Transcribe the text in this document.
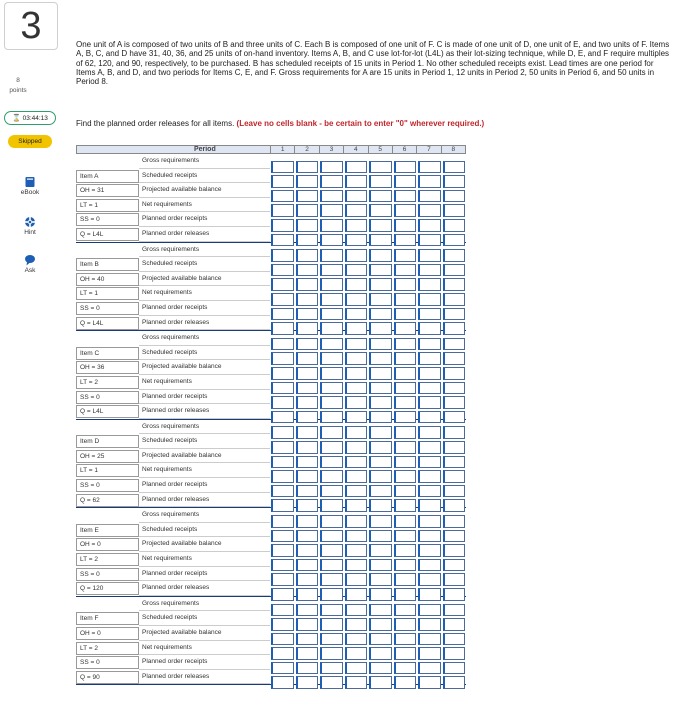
3
8
points
⌛ 03:44:13
Skipped
eBook
Hint
Ask
One unit of A is composed of two units of B and three units of C. Each B is composed of one unit of F. C is made of one unit of D, one unit of E, and two units of F. Items A, B, C, and D have 31, 40, 36, and 25 units of on-hand inventory. Items A, B, and C use lot-for-lot (L4L) as their lot-sizing technique, while D, E, and F require multiples of 62, 120, and 90, respectively, to be purchased. B has scheduled receipts of 15 units in Period 1. No other scheduled receipts exist. Lead times are one period for Items A, B, and D, and two periods for Items C, E, and F. Gross requirements for A are 15 units in Period 1, 12 units in Period 2, 50 units in Period 6, and 50 units in Period 8.
Find the planned order releases for all items. (Leave no cells blank - be certain to enter "0" wherever required.)
Period	1	2	3	4	5	6	7	8
Gross requirements
Item A	Scheduled receipts
OH = 31	Projected available balance
LT = 1	Net requirements
SS = 0	Planned order receipts
Q = L4L	Planned order releases
Gross requirements
Item B	Scheduled receipts
OH = 40	Projected available balance
LT = 1	Net requirements
SS = 0	Planned order receipts
Q = L4L	Planned order releases
Gross requirements
Item C	Scheduled receipts
OH = 36	Projected available balance
LT = 2	Net requirements
SS = 0	Planned order receipts
Q = L4L	Planned order releases
Gross requirements
Item D	Scheduled receipts
OH = 25	Projected available balance
LT = 1	Net requirements
SS = 0	Planned order receipts
Q = 62	Planned order releases
Gross requirements
Item E	Scheduled receipts
OH = 0	Projected available balance
LT = 2	Net requirements
SS = 0	Planned order receipts
Q = 120	Planned order releases
Gross requirements
Item F	Scheduled receipts
OH = 0	Projected available balance
LT = 2	Net requirements
SS = 0	Planned order receipts
Q = 90	Planned order releases
